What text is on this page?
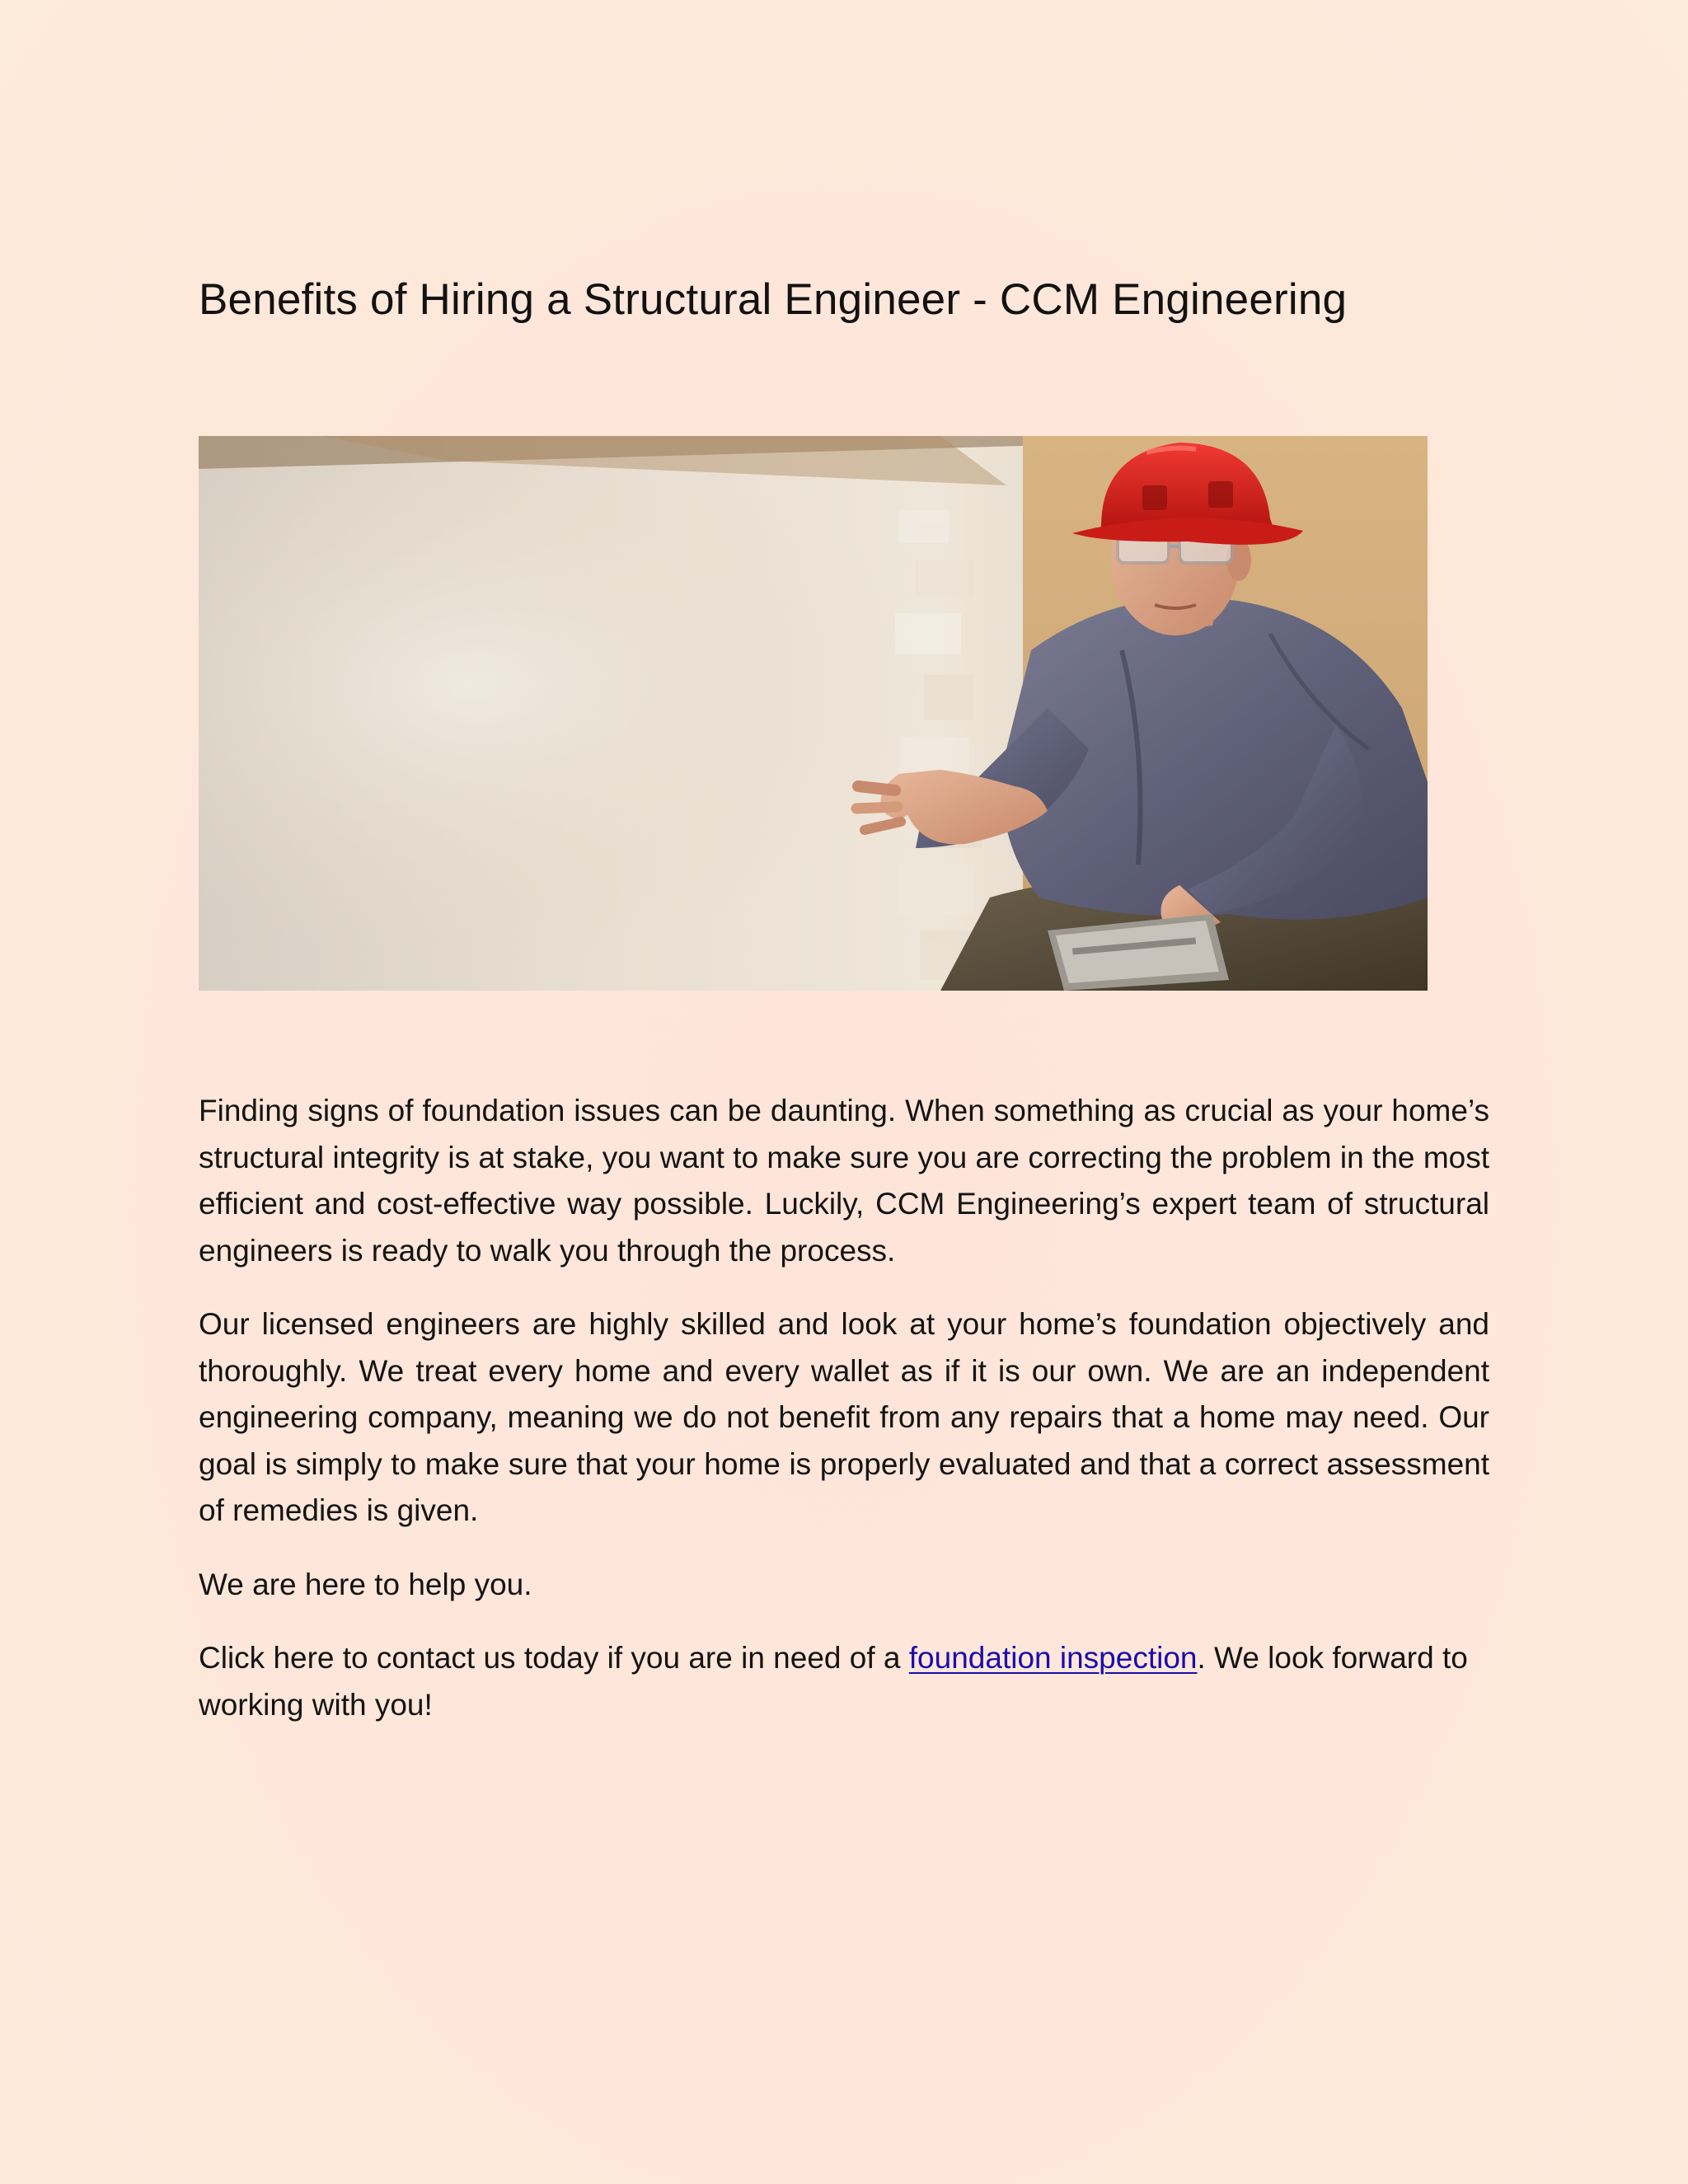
Benefits of Hiring a Structural Engineer - CCM Engineering

Finding signs of foundation issues can be daunting. When something as crucial as your home’s structural integrity is at stake, you want to make sure you are correcting the problem in the most efficient and cost-effective way possible. Luckily, CCM Engineering’s expert team of structural engineers is ready to walk you through the process.

Our licensed engineers are highly skilled and look at your home’s foundation objectively and thoroughly. We treat every home and every wallet as if it is our own. We are an independent engineering company, meaning we do not benefit from any repairs that a home may need. Our goal is simply to make sure that your home is properly evaluated and that a correct assessment of remedies is given.

We are here to help you.

Click here to contact us today if you are in need of a foundation inspection. We look forward to working with you!
